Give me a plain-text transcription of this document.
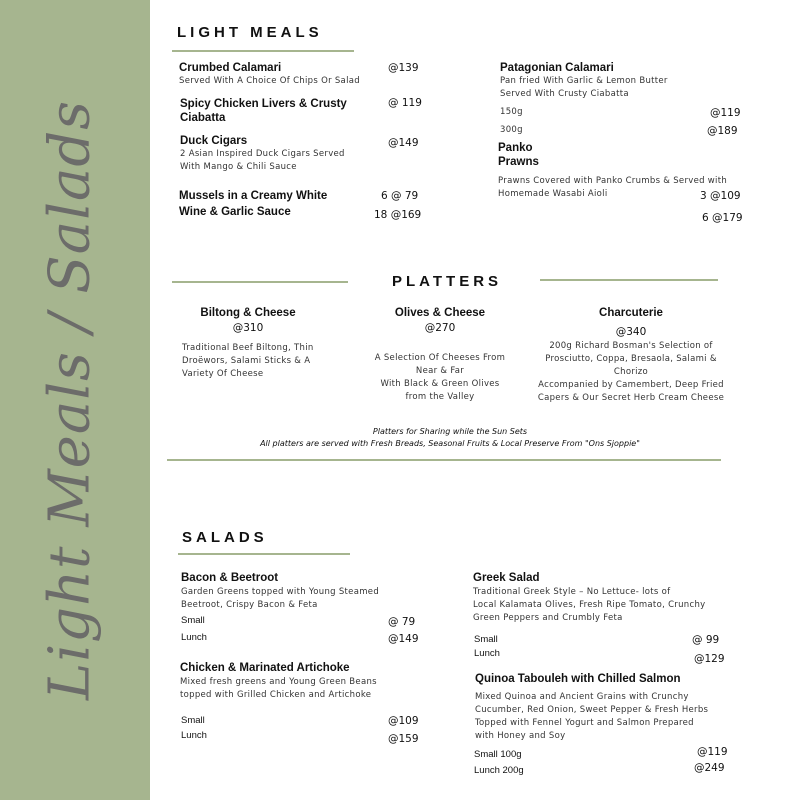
Light Meals / Salads
LIGHT MEALS
Crumbed Calamari
Served With A Choice Of Chips Or Salad
@139
Spicy Chicken Livers & Crusty
Ciabatta
@ 119
Duck Cigars
2 Asian Inspired Duck Cigars Served
With Mango & Chili Sauce
@149
Mussels in a Creamy White
Wine & Garlic Sauce
6 @ 79
18 @169
Patagonian Calamari
Pan fried With Garlic & Lemon Butter
Served With Crusty Ciabatta
150g	@119
300g	@189
Panko
Prawns
Prawns Covered with Panko Crumbs & Served with
Homemade Wasabi Aioli	3 @109
6 @179
PLATTERS
Biltong & Cheese
@310
Traditional Beef Biltong, Thin
Droëwors, Salami Sticks & A
Variety Of Cheese
Olives & Cheese
@270
A Selection Of Cheeses From
Near & Far
With Black & Green Olives
from the Valley
Charcuterie
@340
200g Richard Bosman's Selection of
Prosciutto, Coppa, Bresaola, Salami &
Chorizo
Accompanied by Camembert, Deep Fried
Capers & Our Secret Herb Cream Cheese
Platters for Sharing while the Sun Sets
All platters are served with Fresh Breads, Seasonal Fruits & Local Preserve From "Ons Sjoppie"
SALADS
Bacon & Beetroot
Garden Greens topped with Young Steamed
Beetroot, Crispy Bacon & Feta
Small	@ 79
Lunch	@149
Chicken & Marinated Artichoke
Mixed fresh greens and Young Green Beans
topped with Grilled Chicken and Artichoke
Small	@109
Lunch	@159
Greek Salad
Traditional Greek Style – No Lettuce- lots of
Local Kalamata Olives, Fresh Ripe Tomato, Crunchy
Green Peppers and Crumbly Feta
Small	@ 99
Lunch	@129
Quinoa Tabouleh with Chilled Salmon
Mixed Quinoa and Ancient Grains with Crunchy
Cucumber, Red Onion, Sweet Pepper & Fresh Herbs
Topped with Fennel Yogurt and Salmon Prepared
with Honey and Soy
Small 100g	@119
Lunch 200g	@249
